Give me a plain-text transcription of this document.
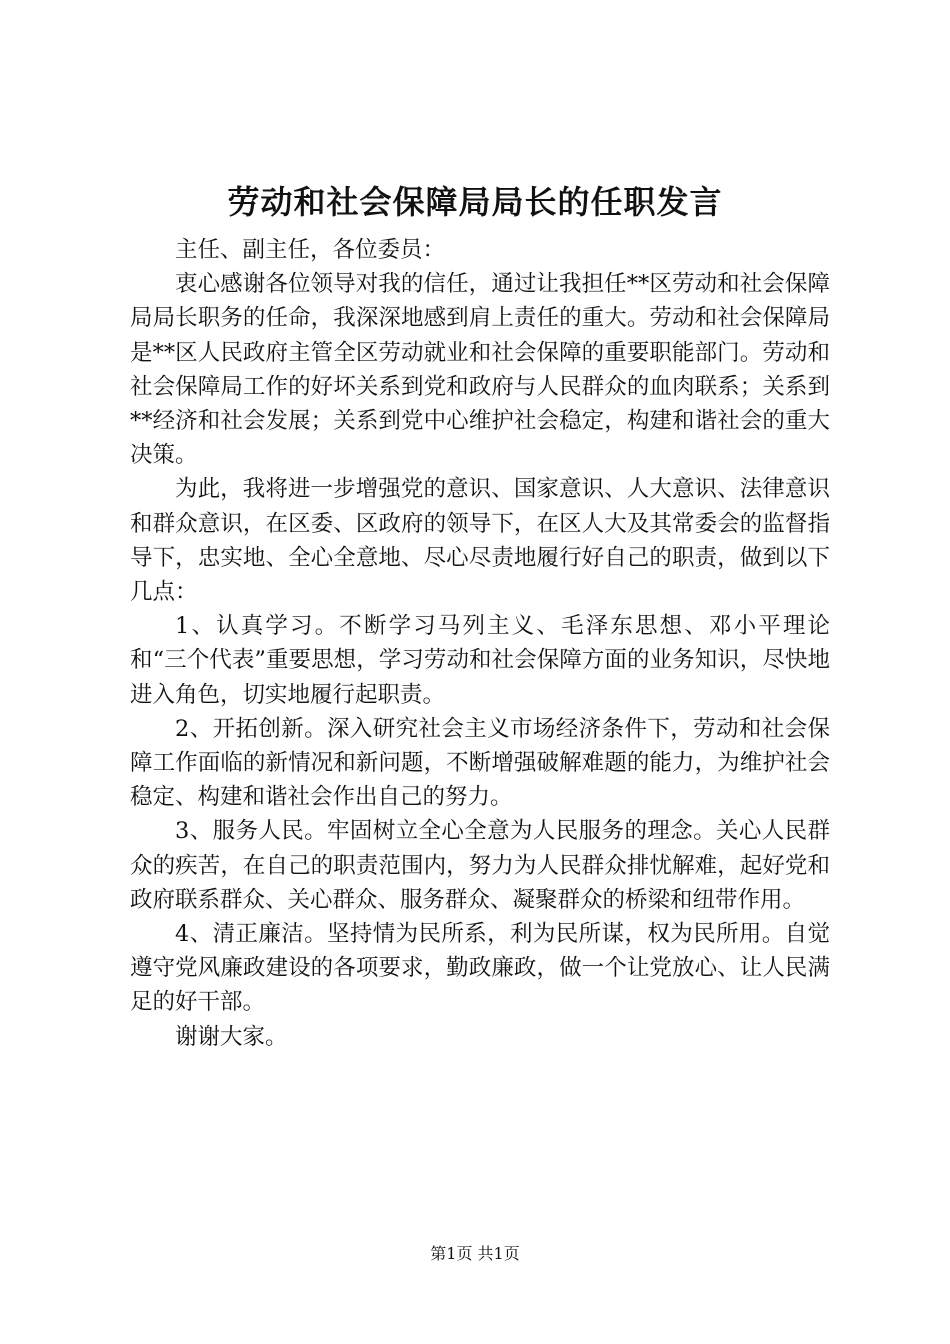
劳动和社会保障局局长的任职发言

主任、副主任，各位委员：

衷心感谢各位领导对我的信任，通过让我担任**区劳动和社会保障局局长职务的任命，我深深地感到肩上责任的重大。劳动和社会保障局是**区人民政府主管全区劳动就业和社会保障的重要职能部门。劳动和社会保障局工作的好坏关系到党和政府与人民群众的血肉联系；关系到**经济和社会发展；关系到党中心维护社会稳定，构建和谐社会的重大决策。

为此，我将进一步增强党的意识、国家意识、人大意识、法律意识和群众意识，在区委、区政府的领导下，在区人大及其常委会的监督指导下，忠实地、全心全意地、尽心尽责地履行好自己的职责，做到以下几点：

1、认真学习。不断学习马列主义、毛泽东思想、邓小平理论和“三个代表”重要思想，学习劳动和社会保障方面的业务知识，尽快地进入角色，切实地履行起职责。

2、开拓创新。深入研究社会主义市场经济条件下，劳动和社会保障工作面临的新情况和新问题，不断增强破解难题的能力，为维护社会稳定、构建和谐社会作出自己的努力。

3、服务人民。牢固树立全心全意为人民服务的理念。关心人民群众的疾苦，在自己的职责范围内，努力为人民群众排忧解难，起好党和政府联系群众、关心群众、服务群众、凝聚群众的桥梁和纽带作用。

4、清正廉洁。坚持情为民所系，利为民所谋，权为民所用。自觉遵守党风廉政建设的各项要求，勤政廉政，做一个让党放心、让人民满足的好干部。

谢谢大家。

第1页 共1页
